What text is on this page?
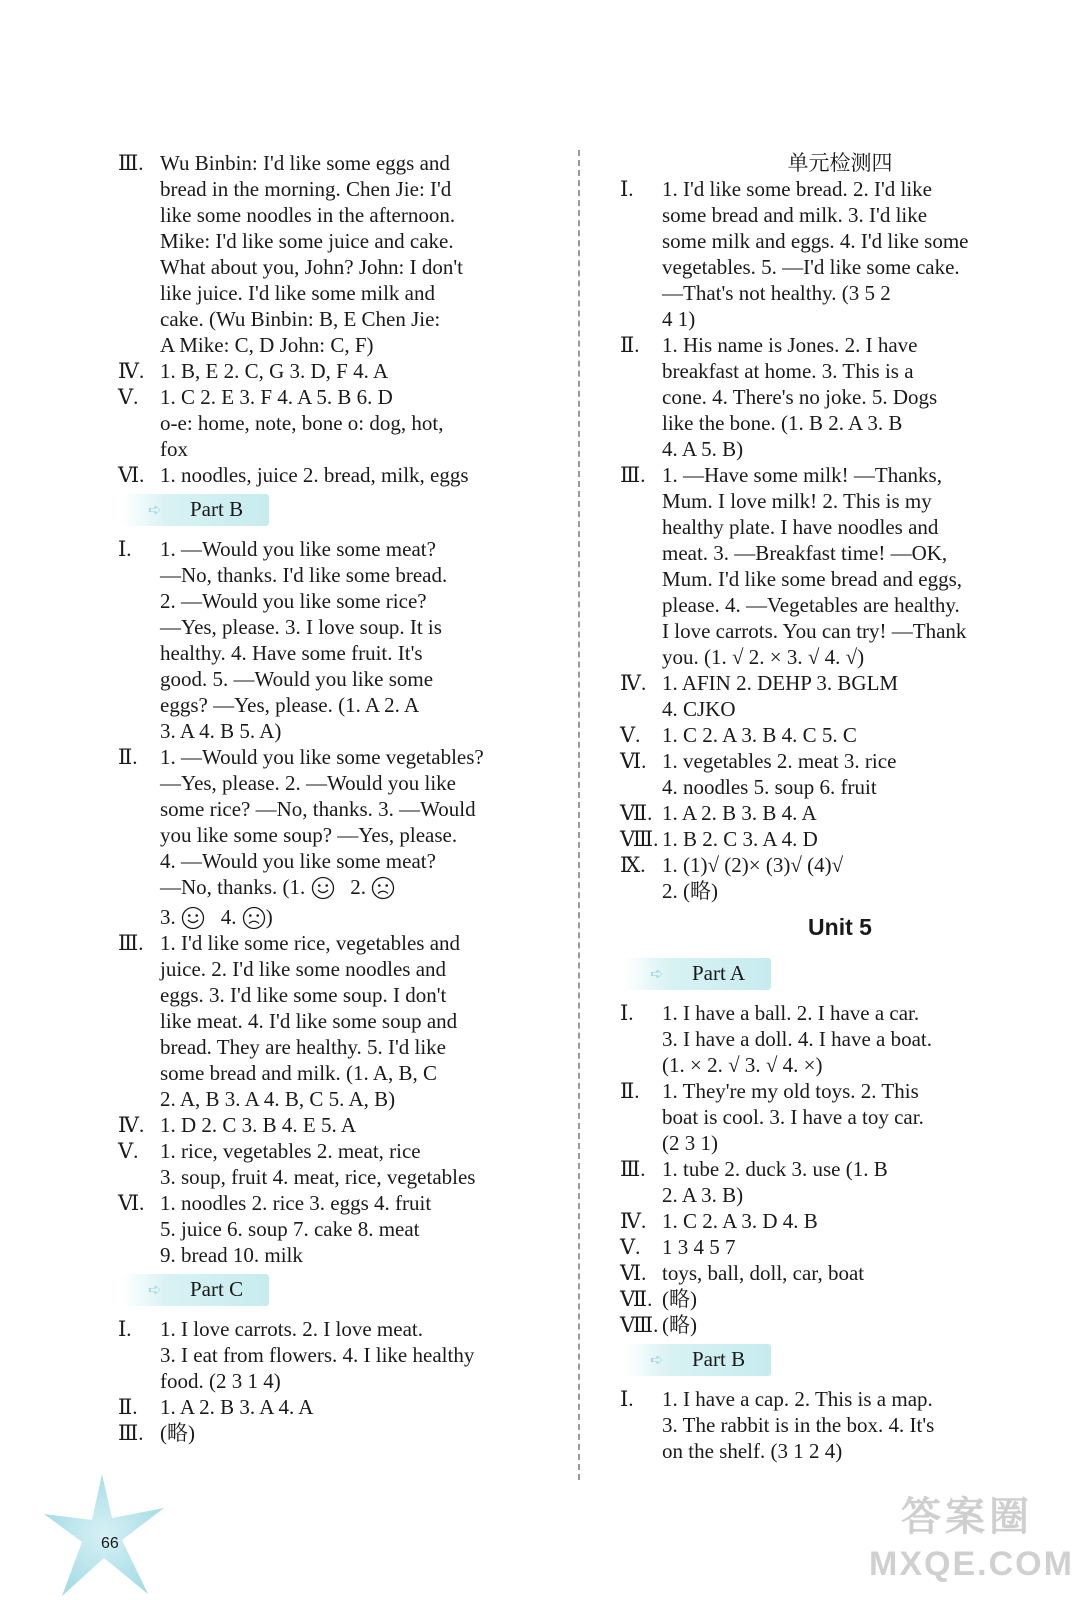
Ⅲ. Wu Binbin: I'd like some eggs and

bread in the morning. Chen Jie: I'd

like some noodles in the afternoon.

Mike: I'd like some juice and cake.

What about you, John? John: I don't

like juice. I'd like some milk and

cake. (Wu Binbin: B, E Chen Jie:

A Mike: C, D John: C, F)

Ⅳ. 1. B, E 2. C, G 3. D, F 4. A

Ⅴ. 1. C 2. E 3. F 4. A 5. B 6. D

o-e: home, note, bone o: dog, hot,

fox

Ⅵ. 1. noodles, juice 2. bread, milk, eggs

➪ Part B
Ⅰ. 1. —Would you like some meat?

—No, thanks. I'd like some bread.

2. —Would you like some rice?

—Yes, please. 3. I love soup. It is

healthy. 4. Have some fruit. It's

good. 5. —Would you like some

eggs? —Yes, please. (1. A 2. A

3. A 4. B 5. A)

Ⅱ. 1. —Would you like some vegetables?

—Yes, please. 2. —Would you like

some rice? —No, thanks. 3. —Would

you like some soup? —Yes, please.

4. —Would you like some meat?

—No, thanks. (1. 2.

3. 4. )

Ⅲ. 1. I'd like some rice, vegetables and

juice. 2. I'd like some noodles and

eggs. 3. I'd like some soup. I don't

like meat. 4. I'd like some soup and

bread. They are healthy. 5. I'd like

some bread and milk. (1. A, B, C

2. A, B 3. A 4. B, C 5. A, B)

Ⅳ. 1. D 2. C 3. B 4. E 5. A

Ⅴ. 1. rice, vegetables 2. meat, rice

3. soup, fruit 4. meat, rice, vegetables

Ⅵ. 1. noodles 2. rice 3. eggs 4. fruit

5. juice 6. soup 7. cake 8. meat

9. bread 10. milk

➪ Part C
Ⅰ. 1. I love carrots. 2. I love meat.

3. I eat from flowers. 4. I like healthy

food. (2 3 1 4)

Ⅱ. 1. A 2. B 3. A 4. A

Ⅲ. (略)

单元检测四

Ⅰ. 1. I'd like some bread. 2. I'd like

some bread and milk. 3. I'd like

some milk and eggs. 4. I'd like some

vegetables. 5. —I'd like some cake.

—That's not healthy. (3 5 2

4 1)

Ⅱ. 1. His name is Jones. 2. I have

breakfast at home. 3. This is a

cone. 4. There's no joke. 5. Dogs

like the bone. (1. B 2. A 3. B

4. A 5. B)

Ⅲ. 1. —Have some milk! —Thanks,

Mum. I love milk! 2. This is my

healthy plate. I have noodles and

meat. 3. —Breakfast time! —OK,

Mum. I'd like some bread and eggs,

please. 4. —Vegetables are healthy.

I love carrots. You can try! —Thank

you. (1. √ 2. × 3. √ 4. √)

Ⅳ. 1. AFIN 2. DEHP 3. BGLM

4. CJKO

Ⅴ. 1. C 2. A 3. B 4. C 5. C

Ⅵ. 1. vegetables 2. meat 3. rice

4. noodles 5. soup 6. fruit

Ⅶ. 1. A 2. B 3. B 4. A

Ⅷ. 1. B 2. C 3. A 4. D

Ⅸ. 1. (1)√ (2)× (3)√ (4)√

2. (略)

Unit 5

➪ Part A
Ⅰ. 1. I have a ball. 2. I have a car.

3. I have a doll. 4. I have a boat.

(1. × 2. √ 3. √ 4. ×)

Ⅱ. 1. They're my old toys. 2. This

boat is cool. 3. I have a toy car.

(2 3 1)

Ⅲ. 1. tube 2. duck 3. use (1. B

2. A 3. B)

Ⅳ. 1. C 2. A 3. D 4. B

Ⅴ. 1 3 4 5 7

Ⅵ. toys, ball, doll, car, boat

Ⅶ. (略)

Ⅷ. (略)

➪ Part B
Ⅰ. 1. I have a cap. 2. This is a map.

3. The rabbit is in the box. 4. It's

on the shelf. (3 1 2 4)

66
答案圈
MXQE.COM
